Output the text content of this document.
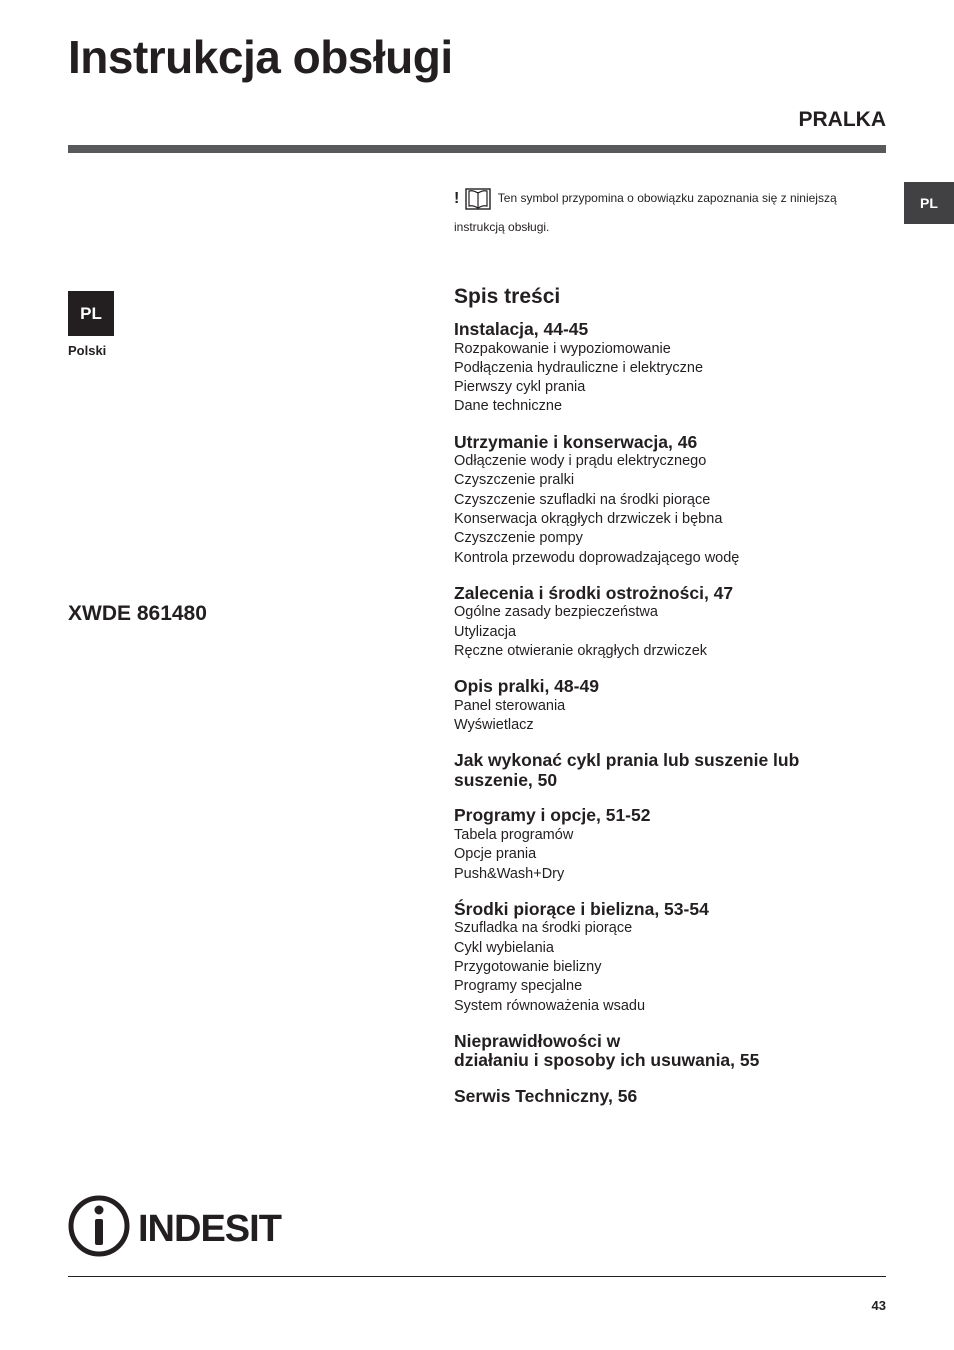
Instrukcja obsługi
PRALKA
PL
!	Ten symbol przypomina o obowiązku zapoznania się z niniejszą instrukcją obsługi.
PL
Polski
XWDE 861480
Spis treści
Instalacja, 44-45
Rozpakowanie i wypoziomowanie
Podłączenia hydrauliczne i elektryczne
Pierwszy cykl prania
Dane techniczne
Utrzymanie i konserwacja, 46
Odłączenie wody i prądu elektrycznego
Czyszczenie pralki
Czyszczenie szufladki na środki piorące
Konserwacja okrągłych drzwiczek i bębna
Czyszczenie pompy
Kontrola przewodu doprowadzającego wodę
Zalecenia i środki ostrożności, 47
Ogólne zasady bezpieczeństwa
Utylizacja
Ręczne otwieranie okrągłych drzwiczek
Opis pralki, 48-49
Panel sterowania
Wyświetlacz
Jak wykonać cykl prania lub suszenie lub
suszenie, 50
Programy i opcje, 51-52
Tabela programów
Opcje prania
Push&Wash+Dry
Środki piorące i bielizna, 53-54
Szufladka na środki piorące
Cykl wybielania
Przygotowanie bielizny
Programy specjalne
System równoważenia wsadu
Nieprawidłowości w
działaniu i sposoby ich usuwania, 55
Serwis Techniczny, 56
INDESIT
43
